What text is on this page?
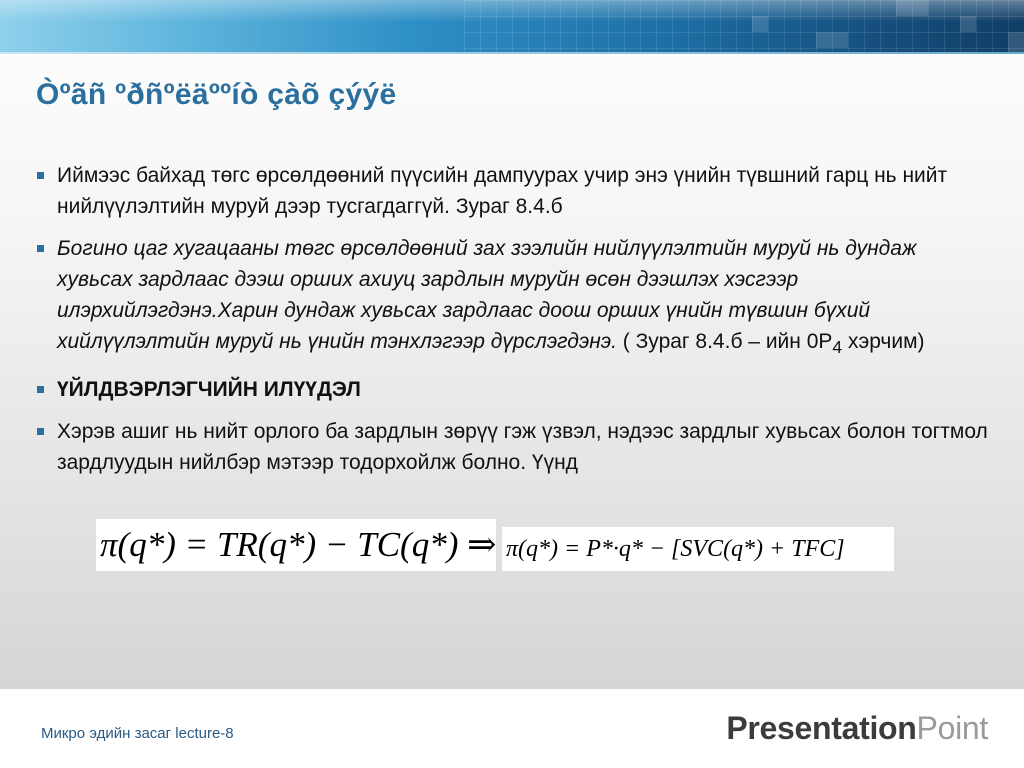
Òºãñ ºðñºëäººíò çàõ çýýë
Иймээс байхад төгс өрсөлдөөний пүүсийн дампуурах учир энэ үнийн түвшний гарц нь нийт нийлүүлэлтийн муруй дээр тусгагдаггүй. Зураг 8.4.б
Богино цаг хугацааны төгс өрсөлдөөний зах зээлийн нийлүүлэлтийн муруй нь дундаж хувьсах зардлаас дээш орших ахиуц зардлын муруйн өсөн дээшлэх хэсгээр илэрхийлэгдэнэ.Харин дундаж хувьсах зардлаас доош орших үнийн түвшин бүхий хийлүүлэлтийн муруй нь үнийн тэнхлэгээр дүрслэгдэнэ. ( Зураг 8.4.б – ийн $0P_4$ хэрчим)
ҮЙЛДВЭРЛЭГЧИЙН ИЛҮҮДЭЛ
Хэрэв ашиг нь нийт орлого ба зардлын зөрүү гэж үзвэл, нэдээс зардлыг хувьсах болон тогтмол зардлуудын нийлбэр мэтээр тодорхойлж болно. Үүнд
π(q*) = TR(q*) − TC(q*) ⇒ π(q*) = P*·q* − [SVC(q*) + TFC]
Микро эдийн засаг lecture-8	PresentationPoint
